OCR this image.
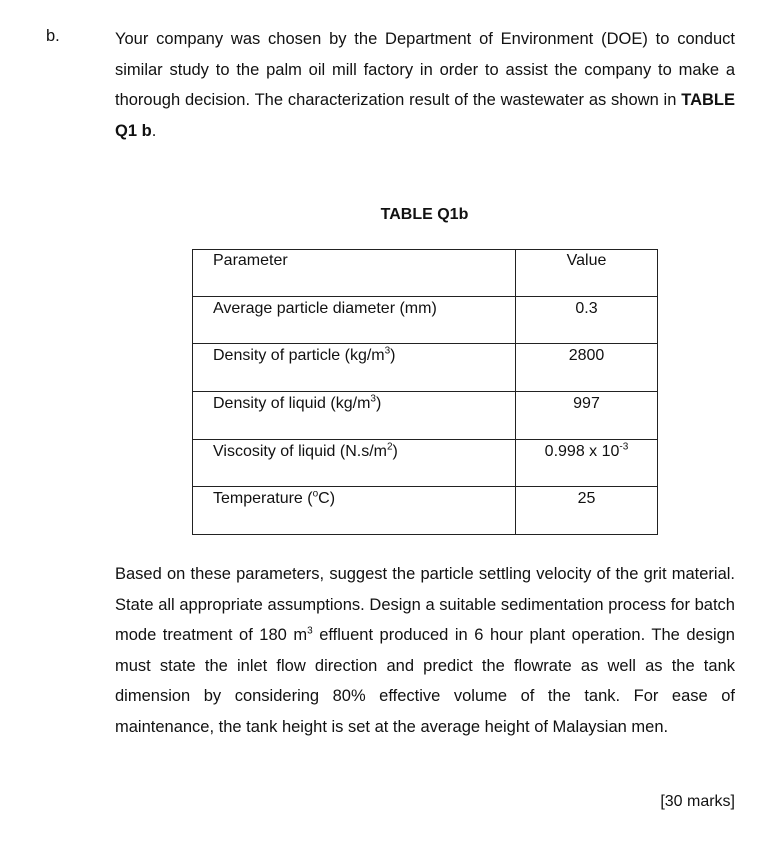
b.	Your company was chosen by the Department of Environment (DOE) to conduct similar study to the palm oil mill factory in order to assist the company to make a thorough decision. The characterization result of the wastewater as shown in TABLE Q1 b.

TABLE Q1b
Parameter	Value
Average particle diameter (mm)	0.3
Density of particle $(kg/m^3)$	2800
Density of liquid $(kg/m^3)$	997
Viscosity of liquid $(N.s/m^2)$	0.998 x $10^{-3}$
Temperature ($^o$C)	25

Based on these parameters, suggest the particle settling velocity of the grit material. State all appropriate assumptions. Design a suitable sedimentation process for batch mode treatment of 180 $m^3$ effluent produced in 6 hour plant operation. The design must state the inlet flow direction and predict the flowrate as well as the tank dimension by considering 80% effective volume of the tank. For ease of maintenance, the tank height is set at the average height of Malaysian men.

[30 marks]
